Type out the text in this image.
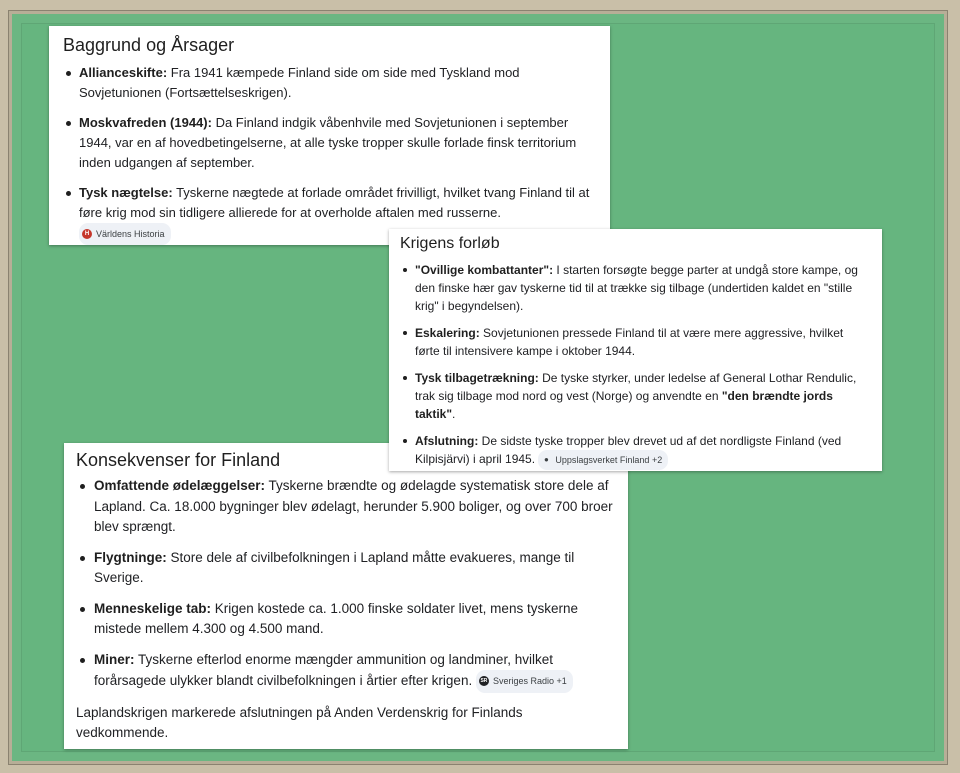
Baggrund og Årsager
Allianceskifte: Fra 1941 kæmpede Finland side om side med Tyskland mod Sovjetunionen (Fortsættelseskrigen).
Moskvafreden (1944): Da Finland indgik våbenhvile med Sovjetunionen i september 1944, var en af hovedbetingelserne, at alle tyske tropper skulle forlade finsk territorium inden udgangen af september.
Tysk nægtelse: Tyskerne nægtede at forlade området frivilligt, hvilket tvang Finland til at føre krig mod sin tidligere allierede for at overholde aftalen med russerne.
H Världens Historia
Konsekvenser for Finland
Omfattende ødelæggelser: Tyskerne brændte og ødelagde systematisk store dele af Lapland. Ca. 18.000 bygninger blev ødelagt, herunder 5.900 boliger, og over 700 broer blev sprængt.
Flygtninge: Store dele af civilbefolkningen i Lapland måtte evakueres, mange til Sverige.
Menneskelige tab: Krigen kostede ca. 1.000 finske soldater livet, mens tyskerne mistede mellem 4.300 og 4.500 mand.
Miner: Tyskerne efterlod enorme mængder ammunition og landminer, hvilket forårsagede ulykker blandt civilbefolkningen i årtier efter krigen. SR Sveriges Radio +1
Laplandskrigen markerede afslutningen på Anden Verdenskrig for Finlands vedkommende.
Krigens forløb
"Ovillige kombattanter": I starten forsøgte begge parter at undgå store kampe, og den finske hær gav tyskerne tid til at trække sig tilbage (undertiden kaldet en "stille krig" i begyndelsen).
Eskalering: Sovjetunionen pressede Finland til at være mere aggressive, hvilket førte til intensivere kampe i oktober 1944.
Tysk tilbagetrækning: De tyske styrker, under ledelse af General Lothar Rendulic, trak sig tilbage mod nord og vest (Norge) og anvendte en "den brændte jords taktik".
Afslutning: De sidste tyske tropper blev drevet ud af det nordligste Finland (ved Kilpisjärvi) i april 1945. ● Uppslagsverket Finland +2
